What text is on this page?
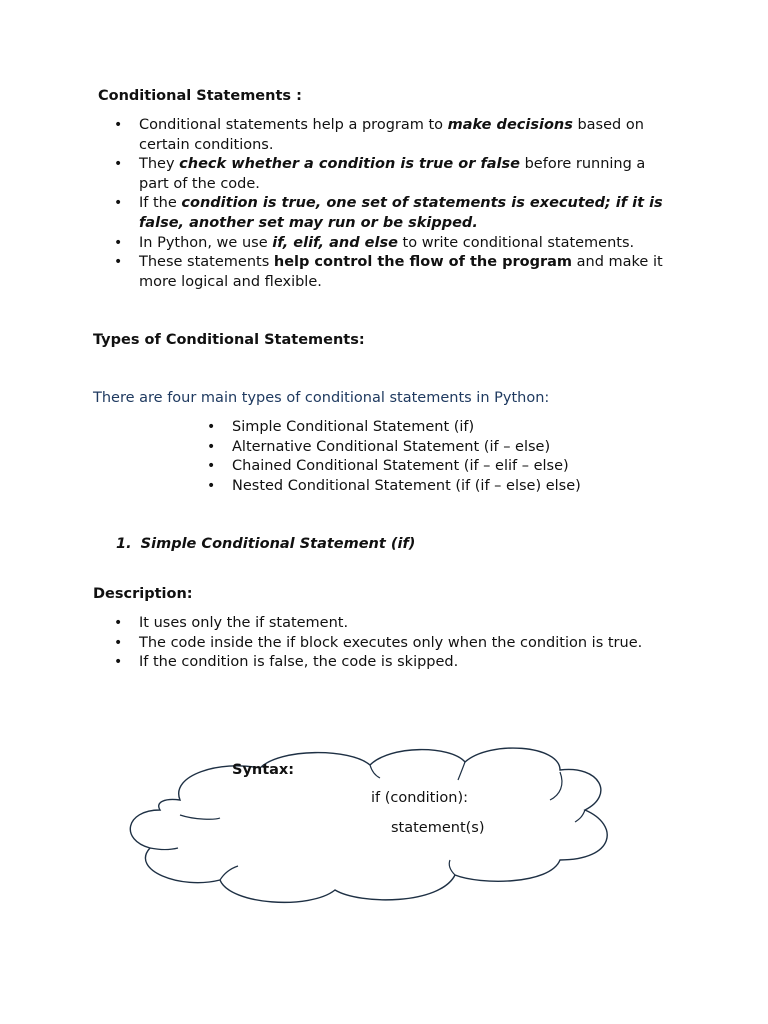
Conditional Statements :
• Conditional statements help a program to make decisions based on certain conditions.
• They check whether a condition is true or false before running a part of the code.
• If the condition is true, one set of statements is executed; if it is false, another set may run or be skipped.
• In Python, we use if, elif, and else to write conditional statements.
• These statements help control the flow of the program and make it more logical and flexible.
Types of Conditional Statements:
There are four main types of conditional statements in Python:
• Simple Conditional Statement (if)
• Alternative Conditional Statement (if – else)
• Chained Conditional Statement (if – elif – else)
• Nested Conditional Statement (if (if – else) else)
1. Simple Conditional Statement (if)
Description:
• It uses only the if statement.
• The code inside the if block executes only when the condition is true.
• If the condition is false, the code is skipped.
Syntax:
if (condition):
statement(s)
